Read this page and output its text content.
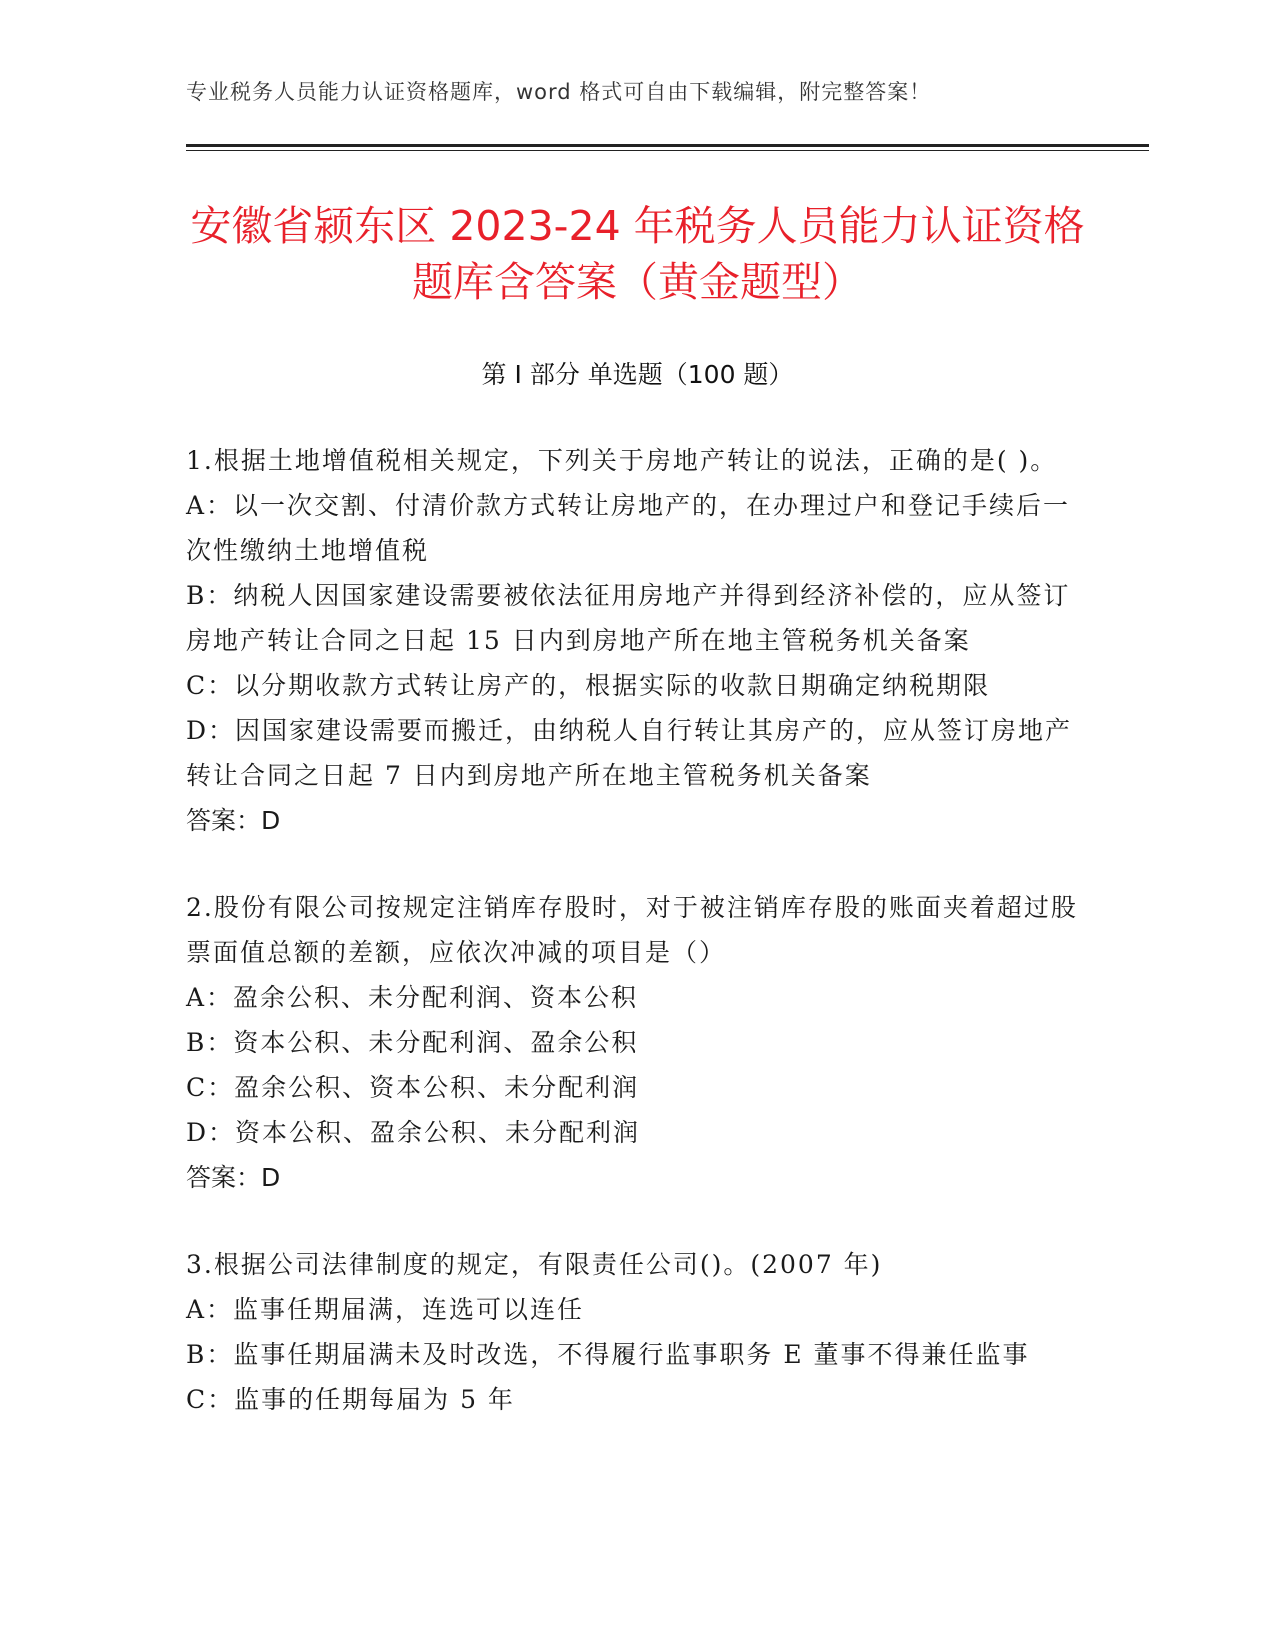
专业税务人员能力认证资格题库，word 格式可自由下载编辑，附完整答案！
安徽省颍东区 2023-24 年税务人员能力认证资格题库含答案（黄金题型）
第 I 部分 单选题（100 题）

1.根据土地增值税相关规定，下列关于房地产转让的说法，正确的是( )。

A：以一次交割、付清价款方式转让房地产的，在办理过户和登记手续后一次性缴纳土地增值税

B：纳税人因国家建设需要被依法征用房地产并得到经济补偿的，应从签订房地产转让合同之日起 15 日内到房地产所在地主管税务机关备案

C：以分期收款方式转让房产的，根据实际的收款日期确定纳税期限

D：因国家建设需要而搬迁，由纳税人自行转让其房产的，应从签订房地产转让合同之日起 7 日内到房地产所在地主管税务机关备案

答案：D

2.股份有限公司按规定注销库存股时，对于被注销库存股的账面夹着超过股票面值总额的差额，应依次冲减的项目是（）

A：盈余公积、未分配利润、资本公积

B：资本公积、未分配利润、盈余公积

C：盈余公积、资本公积、未分配利润

D：资本公积、盈余公积、未分配利润

答案：D

3.根据公司法律制度的规定，有限责任公司()。(2007 年)

A：监事任期届满，连选可以连任

B：监事任期届满未及时改选，不得履行监事职务 E 董事不得兼任监事

C：监事的任期每届为 5 年
